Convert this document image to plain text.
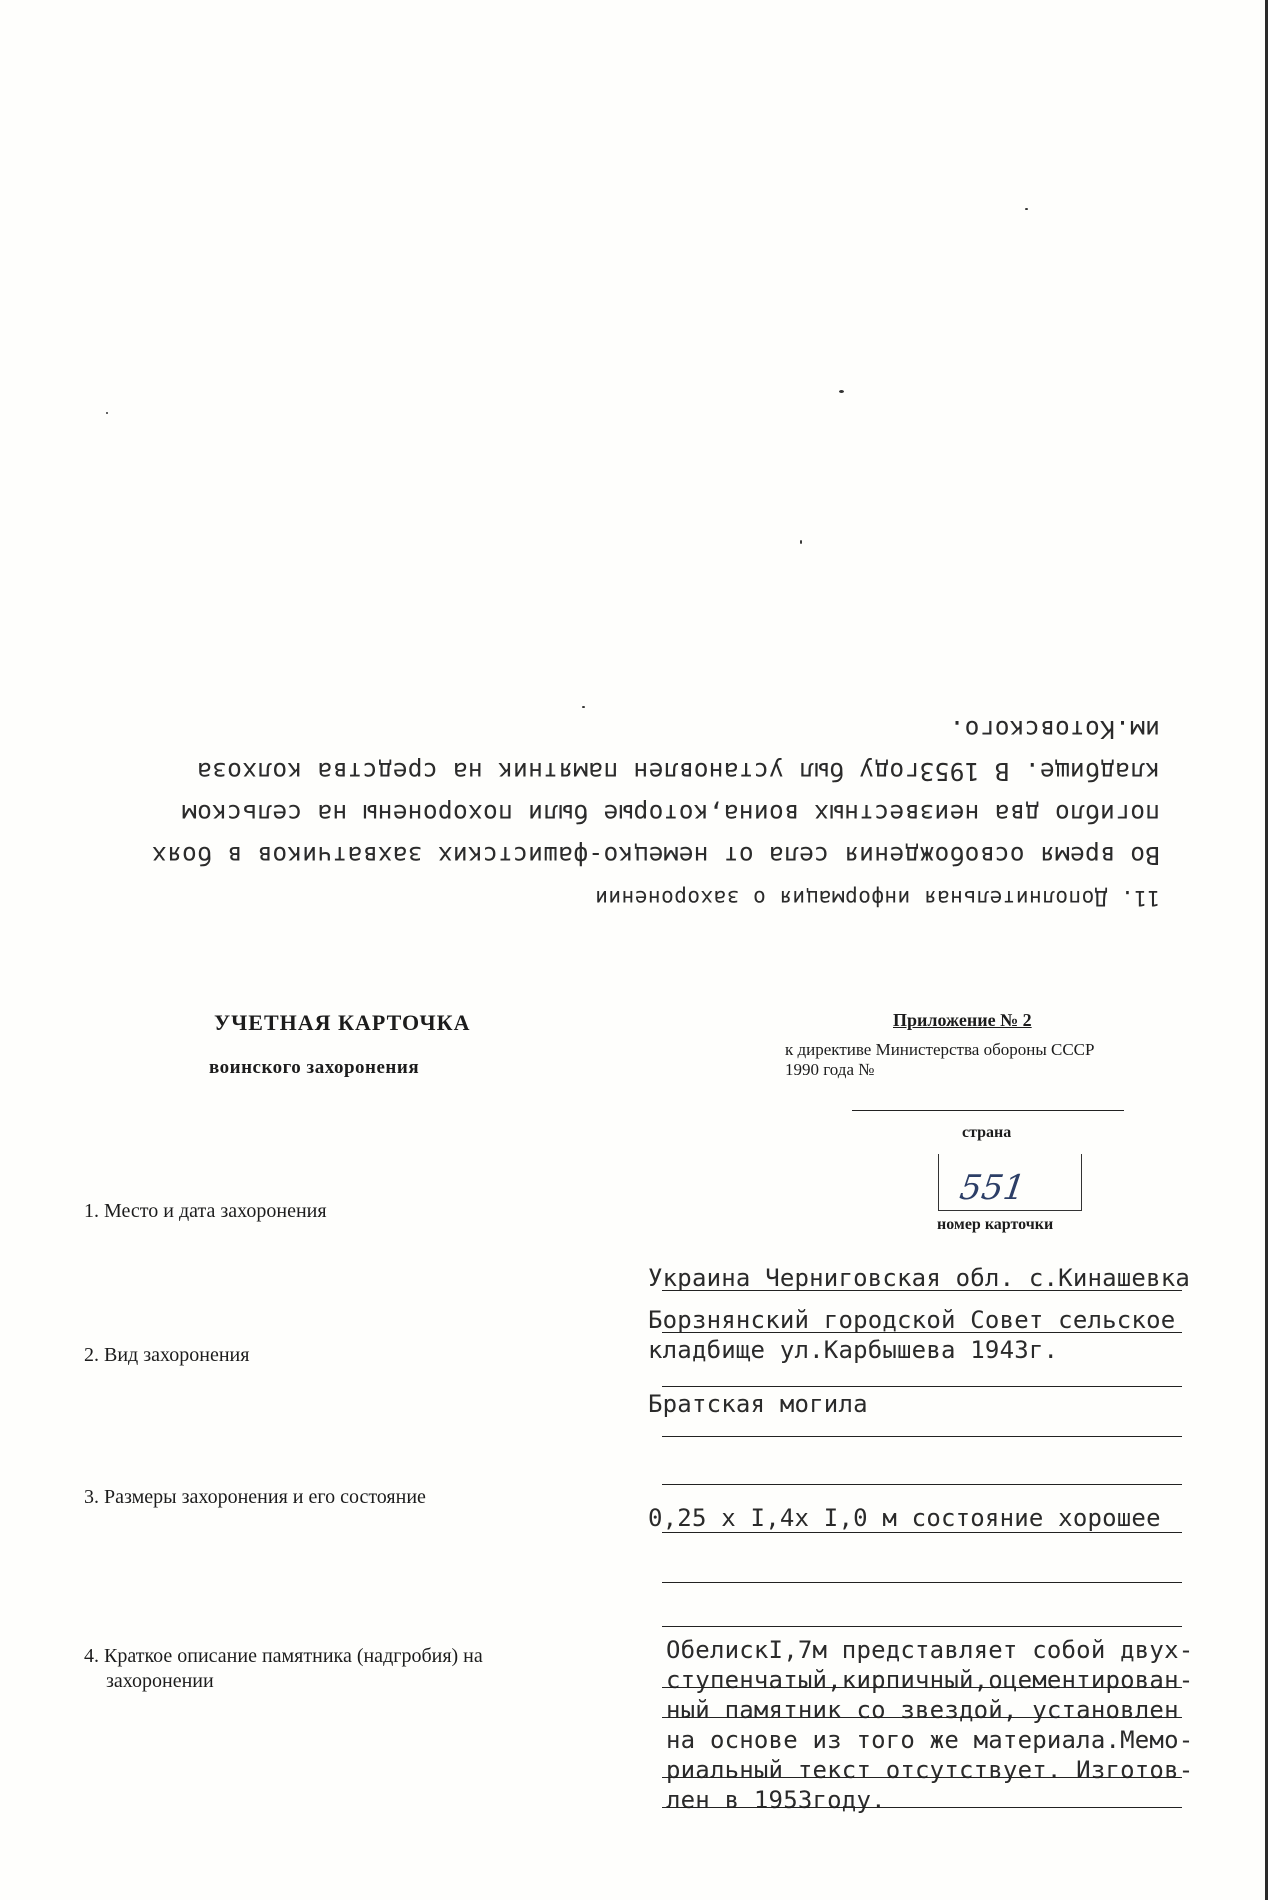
11. Дополнительная информация о захоронении
Во время освобождения села от немецко-фашистских захватчиков в боях
погибло два неизвестных воина,которые были похоронены на сельском
кладбище. В 1953году был установлен памятник на средства колхоза
им.Котовского.
УЧЕТНАЯ КАРТОЧКА
воинского захоронения
Приложение № 2
к директиве Министерства обороны СССР
1990 года №
страна
551
номер карточки
1. Место и дата захоронения
Украина Черниговская обл. с.Кинашевка
Борзнянский городской Совет сельское
кладбище ул.Карбышева 1943г.
2. Вид захоронения
Братская могила
3. Размеры захоронения и его состояние
0,25 х I,4х I,0 м состояние хорошее
4. Краткое описание памятника (надгробия) на
захоронении
ОбелискI,7м представляет собой двух-
ступенчатый,кирпичный,оцементирован-
ный памятник со звездой, установлен
на основе из того же материала.Мемо-
риальный текст отсутствует. Изготов-
лен в 1953году.
